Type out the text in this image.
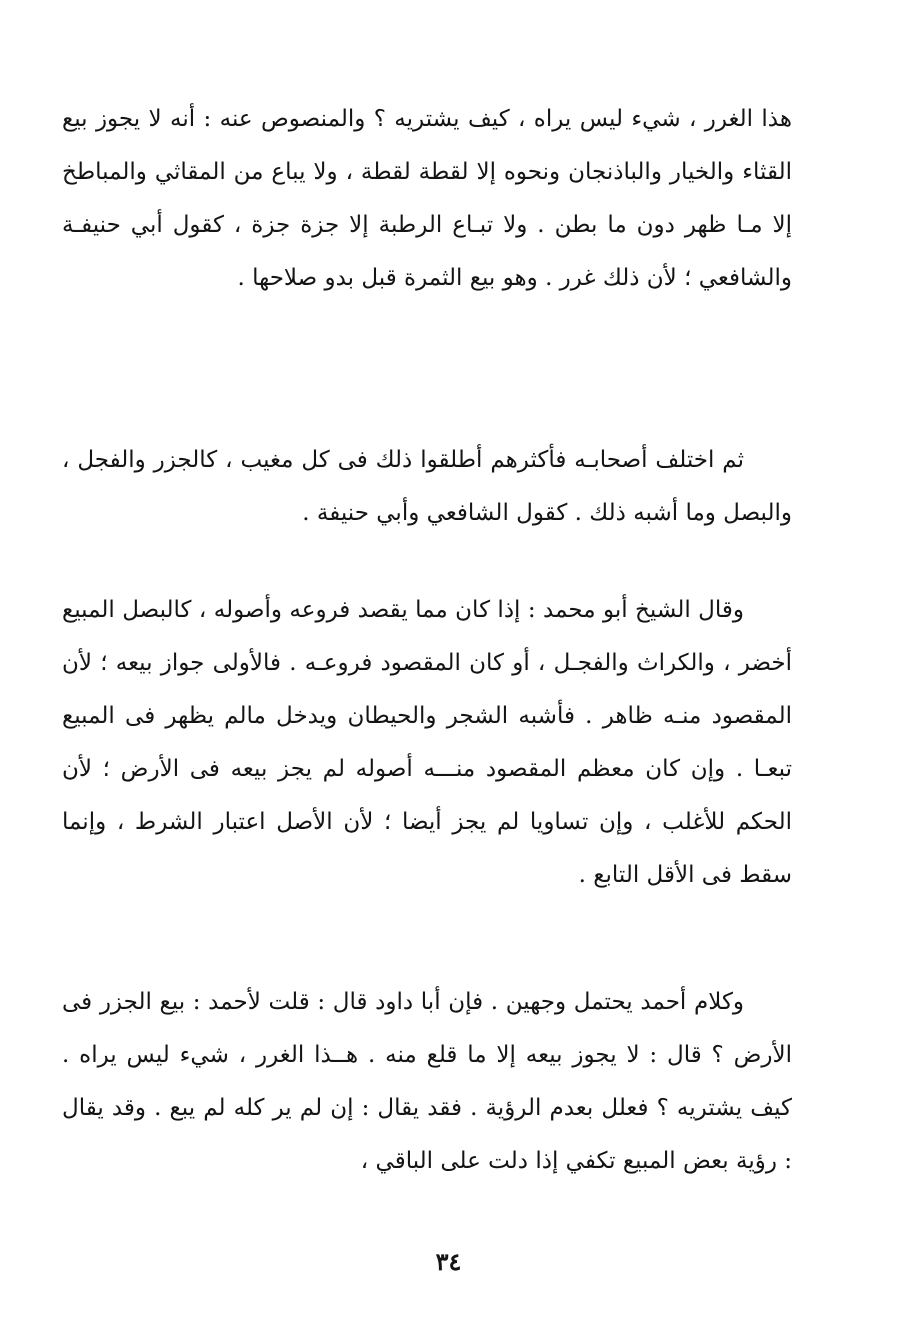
هذا الغرر ، شيء ليس يراه ، كيف يشتريه ؟ والمنصوص عنه : أنه لا يجوز بيع القثاء والخيار والباذنجان ونحوه إلا لقطة لقطة ، ولا يباع من المقاثي والمباطخ إلا مـا ظهر دون ما بطن . ولا تبـاع الرطبة إلا جزة جزة ، كقول أبي حنيفـة والشافعي ؛ لأن ذلك غرر . وهو بيع الثمرة قبل بدو صلاحها .

ثم اختلف أصحابـه فأكثرهم أطلقوا ذلك فى كل مغيب ، كالجزر والفجل ، والبصل وما أشبه ذلك . كقول الشافعي وأبي حنيفة .

وقال الشيخ أبو محمد : إذا كان مما يقصد فروعه وأصوله ، كالبصل المبيع أخضر ، والكراث والفجـل ، أو كان المقصود فروعـه . فالأولى جواز بيعه ؛ لأن المقصود منـه ظاهر . فأشبه الشجر والحيطان ويدخل مالم يظهر فى المبيع تبعـا . وإن كان معظم المقصود منـــه أصوله لم يجز بيعه فى الأرض ؛ لأن الحكم للأغلب ، وإن تساويا لم يجز أيضا ؛ لأن الأصل اعتبار الشرط ، وإنما سقط فى الأقل التابع .

وكلام أحمد يحتمل وجهين . فإن أبا داود قال : قلت لأحمد : بيع الجزر فى الأرض ؟ قال : لا يجوز بيعه إلا ما قلع منه . هــذا الغرر ، شيء ليس يراه . كيف يشتريه ؟ فعلل بعدم الرؤية . فقد يقال : إن لم ير كله لم يبع . وقد يقال : رؤية بعض المبيع تكفي إذا دلت على الباقي ،

٣٤
